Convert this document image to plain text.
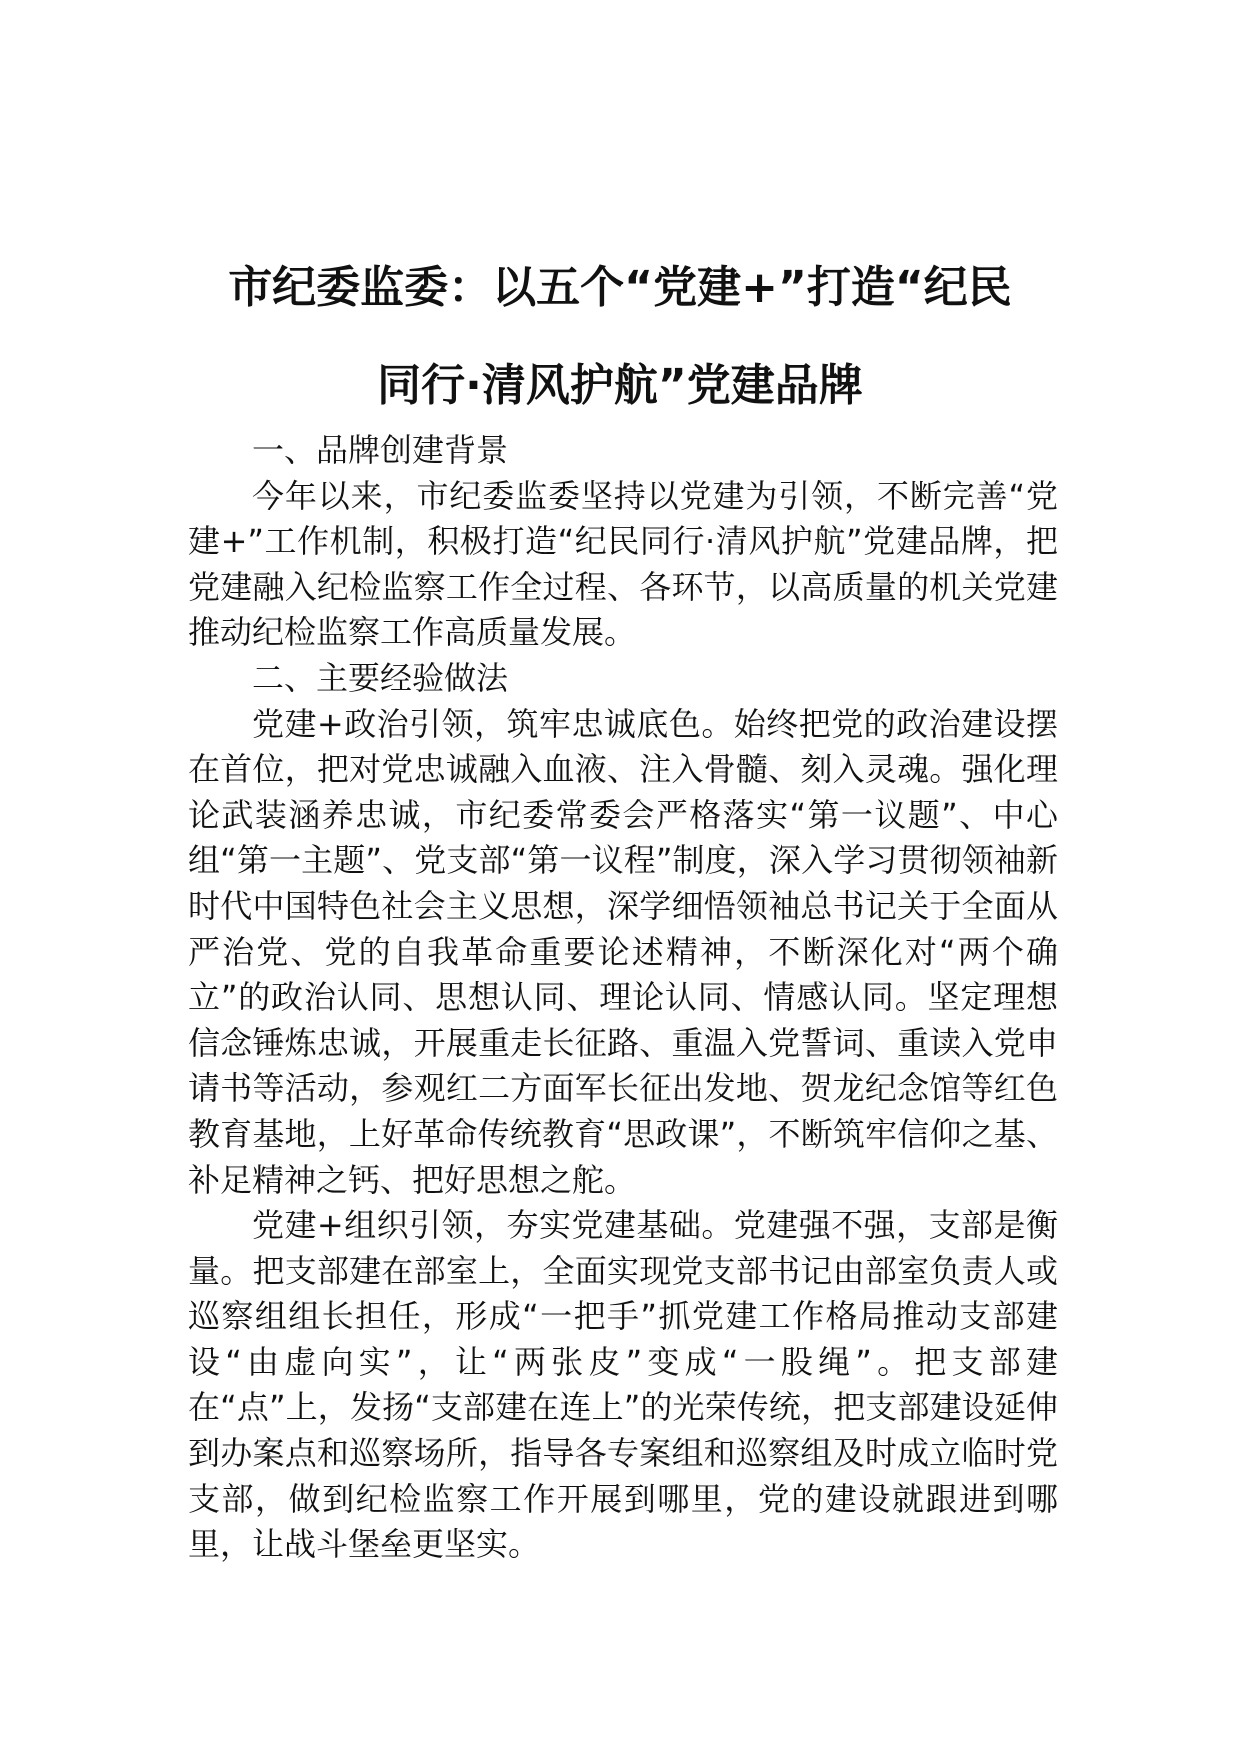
市纪委监委：以五个“党建+”打造“纪民
同行·清风护航”党建品牌

一、品牌创建背景

今年以来，市纪委监委坚持以党建为引领，不断完善“党建+”工作机制，积极打造“纪民同行·清风护航”党建品牌，把党建融入纪检监察工作全过程、各环节，以高质量的机关党建推动纪检监察工作高质量发展。

二、主要经验做法

党建+政治引领，筑牢忠诚底色。始终把党的政治建设摆在首位，把对党忠诚融入血液、注入骨髓、刻入灵魂。强化理论武装涵养忠诚，市纪委常委会严格落实“第一议题”、中心组“第一主题”、党支部“第一议程”制度，深入学习贯彻领袖新时代中国特色社会主义思想，深学细悟领袖总书记关于全面从严治党、党的自我革命重要论述精神，不断深化对“两个确立”的政治认同、思想认同、理论认同、情感认同。坚定理想信念锤炼忠诚，开展重走长征路、重温入党誓词、重读入党申请书等活动，参观红二方面军长征出发地、贺龙纪念馆等红色教育基地，上好革命传统教育“思政课”，不断筑牢信仰之基、补足精神之钙、把好思想之舵。

党建+组织引领，夯实党建基础。党建强不强，支部是衡量。把支部建在部室上，全面实现党支部书记由部室负责人或巡察组组长担任，形成“一把手”抓党建工作格局推动支部建设“由虚向实”，让“两张皮”变成“一股绳”。把支部建在“点”上，发扬“支部建在连上”的光荣传统，把支部建设延伸到办案点和巡察场所，指导各专案组和巡察组及时成立临时党支部，做到纪检监察工作开展到哪里，党的建设就跟进到哪里，让战斗堡垒更坚实。
